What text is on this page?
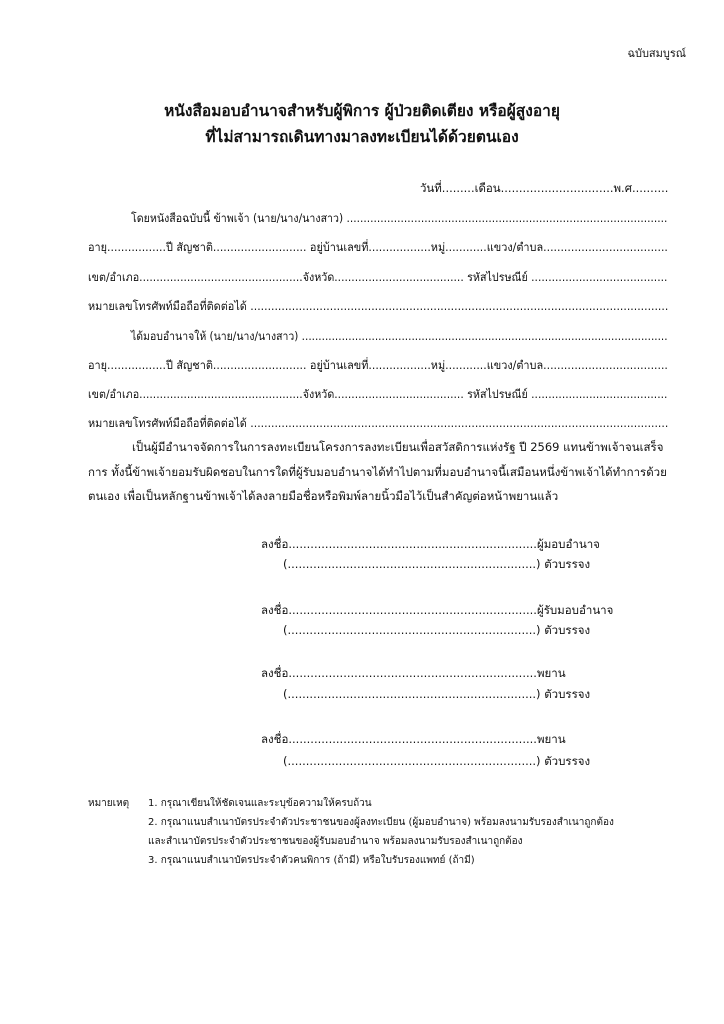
ฉบับสมบูรณ์
หนังสือมอบอำนาจสำหรับผู้พิการ ผู้ป่วยติดเตียง หรือผู้สูงอายุ
ที่ไม่สามารถเดินทางมาลงทะเบียนได้ด้วยตนเอง
วันที่.........เดือน...............................พ.ศ..........
โดยหนังสือฉบับนี้ ข้าพเจ้า (นาย/นาง/นางสาว) ...............................................................................................
อายุ.................ปี สัญชาติ........................... อยู่บ้านเลขที่..................หมู่............แขวง/ตำบล....................................
เขต/อำเภอ................................................จังหวัด...................................... รหัสไปรษณีย์ ........................................
หมายเลขโทรศัพท์มือถือที่ติดต่อได้ .........................................................................................................................
ได้มอบอำนาจให้ (นาย/นาง/นางสาว) ..............................................................................................................
อายุ.................ปี สัญชาติ........................... อยู่บ้านเลขที่..................หมู่............แขวง/ตำบล....................................
เขต/อำเภอ................................................จังหวัด...................................... รหัสไปรษณีย์ ........................................
หมายเลขโทรศัพท์มือถือที่ติดต่อได้ .........................................................................................................................
เป็นผู้มีอำนาจจัดการในการลงทะเบียนโครงการลงทะเบียนเพื่อสวัสดิการแห่งรัฐ ปี 2569 แทนข้าพเจ้าจนเสร็จการ ทั้งนี้ข้าพเจ้ายอมรับผิดชอบในการใดที่ผู้รับมอบอำนาจได้ทำไปตามที่มอบอำนาจนี้เสมือนหนึ่งข้าพเจ้าได้ทำการด้วยตนเอง เพื่อเป็นหลักฐานข้าพเจ้าได้ลงลายมือชื่อหรือพิมพ์ลายนิ้วมือไว้เป็นสำคัญต่อหน้าพยานแล้ว
ลงชื่อ....................................................................ผู้มอบอำนาจ
(....................................................................) ตัวบรรจง
ลงชื่อ....................................................................ผู้รับมอบอำนาจ
(....................................................................) ตัวบรรจง
ลงชื่อ....................................................................พยาน
(....................................................................) ตัวบรรจง
ลงชื่อ....................................................................พยาน
(....................................................................) ตัวบรรจง
หมายเหตุ 1. กรุณาเขียนให้ชัดเจนและระบุข้อความให้ครบถ้วน
2. กรุณาแนบสำเนาบัตรประจำตัวประชาชนของผู้ลงทะเบียน (ผู้มอบอำนาจ) พร้อมลงนามรับรองสำเนาถูกต้อง
และสำเนาบัตรประจำตัวประชาชนของผู้รับมอบอำนาจ พร้อมลงนามรับรองสำเนาถูกต้อง
3. กรุณาแนบสำเนาบัตรประจำตัวคนพิการ (ถ้ามี) หรือใบรับรองแพทย์ (ถ้ามี)
